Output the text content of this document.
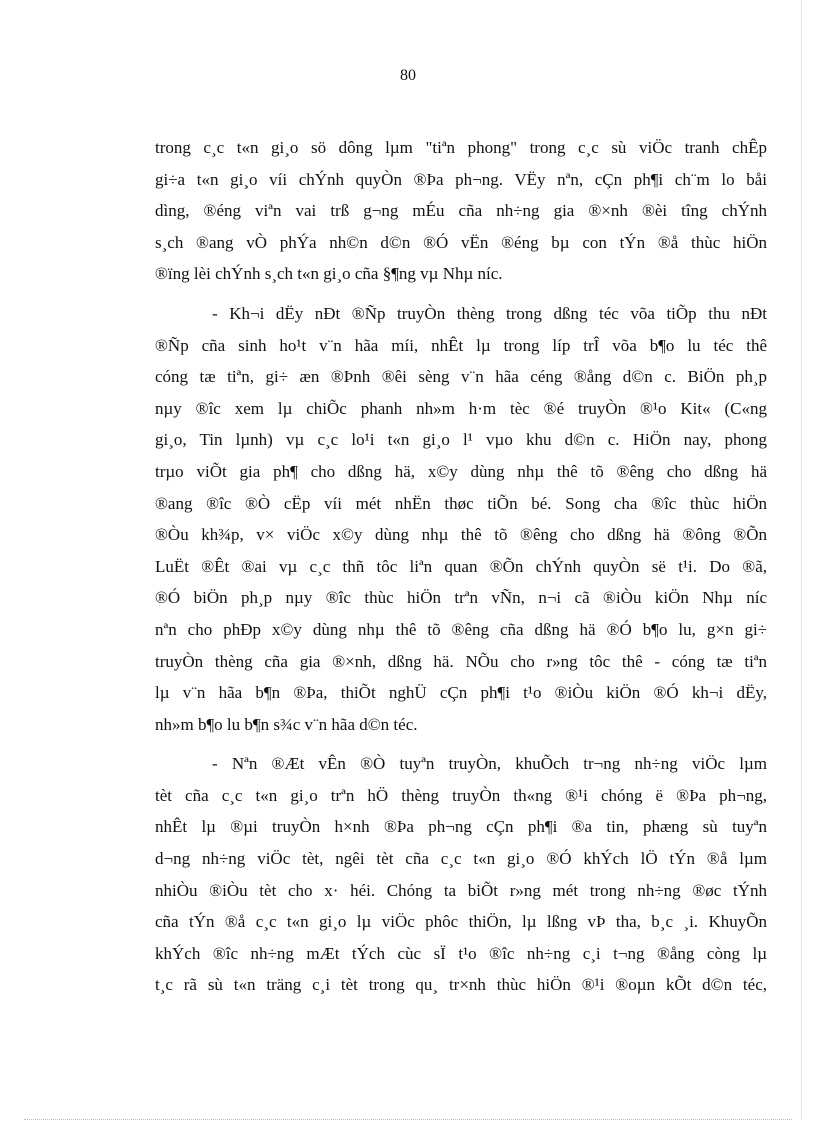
80
trong c¸c t«n gi¸o sö dông lµm "tiªn phong" trong c¸c sù viÖc tranh chÊp
gi÷a t«n gi¸o víi chÝnh quyÒn ®Þa ph¬ng. VËy nªn, cÇn ph¶i ch¨m lo båi
dìng, ®éng viªn vai trß g¬ng mÉu cña nh÷ng gia ®×nh ®èi tîng chÝnh
s¸ch ®ang vÒ phÝa nh©n d©n ®Ó vËn ®éng bµ con tÝn ®å thùc hiÖn
®ïng lèi chÝnh s¸ch t«n gi¸o cña §¶ng vµ Nhµ níc.
- Kh¬i dËy nÐt ®Ñp truyÒn thèng trong dßng téc võa tiÕp thu nÐt
®Ñp cña sinh ho¹t v¨n hãa míi, nhÊt lµ trong líp trÎ võa b¶o lu téc thê
cóng tæ tiªn, gi÷ æn ®Þnh ®êi sèng v¨n hãa céng ®ång d©n c. BiÖn ph¸p
nµy ®îc xem lµ chiÕc phanh nh»m h·m tèc ®é truyÒn ®¹o Kit« (C«ng
gi¸o, Tin lµnh) vµ c¸c lo¹i t«n gi¸o l¹ vµo khu d©n c. HiÖn nay, phong
trµo viÕt gia ph¶ cho dßng hä, x©y dùng nhµ thê tõ ®êng cho dßng hä
®ang ®îc ®Ò cËp víi mét nhËn thøc tiÕn bé. Song cha ®îc thùc hiÖn
®Òu kh¾p, v× viÖc x©y dùng nhµ thê tõ ®êng cho dßng hä ®ông ®Õn
LuËt ®Êt ®ai vµ c¸c thñ tôc liªn quan ®Õn chÝnh quyÒn së t¹i. Do ®ã,
®Ó biÖn ph¸p nµy ®îc thùc hiÖn trªn vÑn, n¬i cã ®iÒu kiÖn Nhµ níc
nªn cho phÐp x©y dùng nhµ thê tõ ®êng cña dßng hä ®Ó b¶o lu, g×n gi÷
truyÒn thèng cña gia ®×nh, dßng hä. NÕu cho r»ng tôc thê - cóng tæ tiªn
lµ v¨n hãa b¶n ®Þa, thiÕt nghÜ cÇn ph¶i t¹o ®iÒu kiÖn ®Ó kh¬i dËy,
nh»m b¶o lu b¶n s¾c v¨n hãa d©n téc.
- Nªn ®Æt vÊn ®Ò tuyªn truyÒn, khuÕch tr¬ng nh÷ng viÖc lµm
tèt cña c¸c t«n gi¸o trªn hÖ thèng truyÒn th«ng ®¹i chóng ë ®Þa ph¬ng,
nhÊt lµ ®µi truyÒn h×nh ®Þa ph¬ng cÇn ph¶i ®a tin, phæng sù tuyªn
d¬ng nh÷ng viÖc tèt, ngêi tèt cña c¸c t«n gi¸o ®Ó khÝch lÖ tÝn ®å lµm
nhiÒu ®iÒu tèt cho x· héi. Chóng ta biÕt r»ng mét trong nh÷ng ®øc tÝnh
cña tÝn ®å c¸c t«n gi¸o lµ viÖc phôc thiÖn, lµ lßng vÞ tha, b¸c ¸i. KhuyÕn
khÝch ®îc nh÷ng mÆt tÝch cùc sÏ t¹o ®îc nh÷ng c¸i t¬ng ®ång còng lµ
t¸c rã sù t«n träng c¸i tèt trong qu¸ tr×nh thùc hiÖn ®¹i ®oµn kÕt d©n téc,
